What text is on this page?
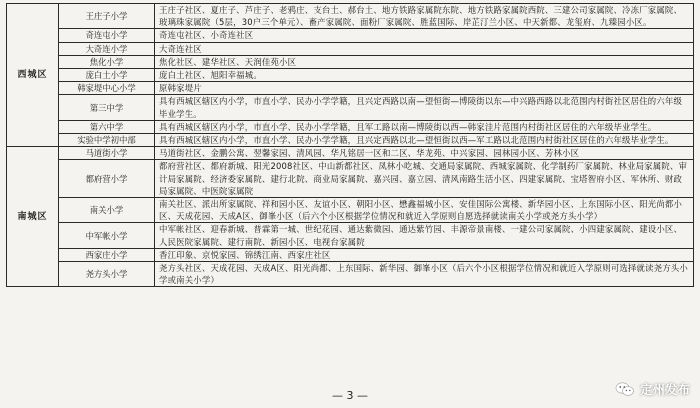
西城区	王庄子小学	王庄子社区、夏庄子、芦庄子、老鸦庄、支台土、郝台土、地方铁路家属院东院、地方铁路家属院西院、三建公司家属院、冷冻厂家属院、玻璃珠家属院（5层，30户三个单元）、畜产家属院、面粉厂家属院、胜蓝国际、岸芷汀兰小区、中天新都、龙玺府、九臻园小区。
	奇连屯小学	奇连屯社区、小奇连社区
	大奇连小学	大奇连社区
	焦化小学	焦化社区、建华社区、天润佳苑小区
	庞白土小学	庞白土社区、旭阳幸福城。
	韩家堤中心小学	原韩家堤片
	第三中学	具有西城区辖区内小学，市直小学、民办小学学籍，且兴定西路以南—望恒街—博陵街以东—中兴路西路以北范围内村街社区居住的六年级毕业学生。
	第六中学	具有西城区辖区内小学，市直小学、民办小学学籍，且军工路以南—博陵街以西—韩家洼片范围内村街社区居住的六年级毕业学生。
	实验中学初中部	具有西城区辖区内小学，市直小学、民办小学学籍，且兴定西路以北—望恒街以西—军工路以北范围内村街社区居住的六年级毕业学生。
南城区	马道街小学	马道街社区、金鹏公寓、翌馨家园、清风园、华凡铭居一区和二区、华龙苑、中兴家园、园林园小区、芳林小区
	都府营小学	都府营社区、都府新城、阳光2008社区、中山新都社区、凤林小吃城、交通局家属院、西城家属院、化学制药厂家属院、林业局家属院、审计局家属院、经济委家属院、建行北院、商业局家属院、嘉兴园、嘉立园、清风南路生活小区、四建家属院、宝塔智府小区、军休所、财政局家属院、中医院家属院
	南关小学	南关社区、派出所家属院、祥和园小区、友谊小区、朝阳小区、懋鑫福城小区、安佳国际公寓楼、新华园小区、上东国际小区、阳光尚都小区、天成花园、天成A区、御峯小区（后六个小区根据学位情况和就近入学原则自愿选择就读南关小学或尧方头小学）
	中军帐小学	中军帐社区、迎春新城、普霖第一城、世纪花园、通达紫微园、通达紫竹园、丰源帝景南楼、一建公司家属院、小四建家属院、建设小区、人民医院家属院、建行南院、新园小区、电视台家属院
	西家庄小学	香江印象、京悦家园、锦绣江南、西家庄社区
	尧方头小学	尧方头社区、天成花园、天成A区、阳光尚都、上东国际、新华园、御峯小区（后六个小区根据学位情况和就近入学原则可选择就读尧方头小学或南关小学）
— 3 —	定州发布
